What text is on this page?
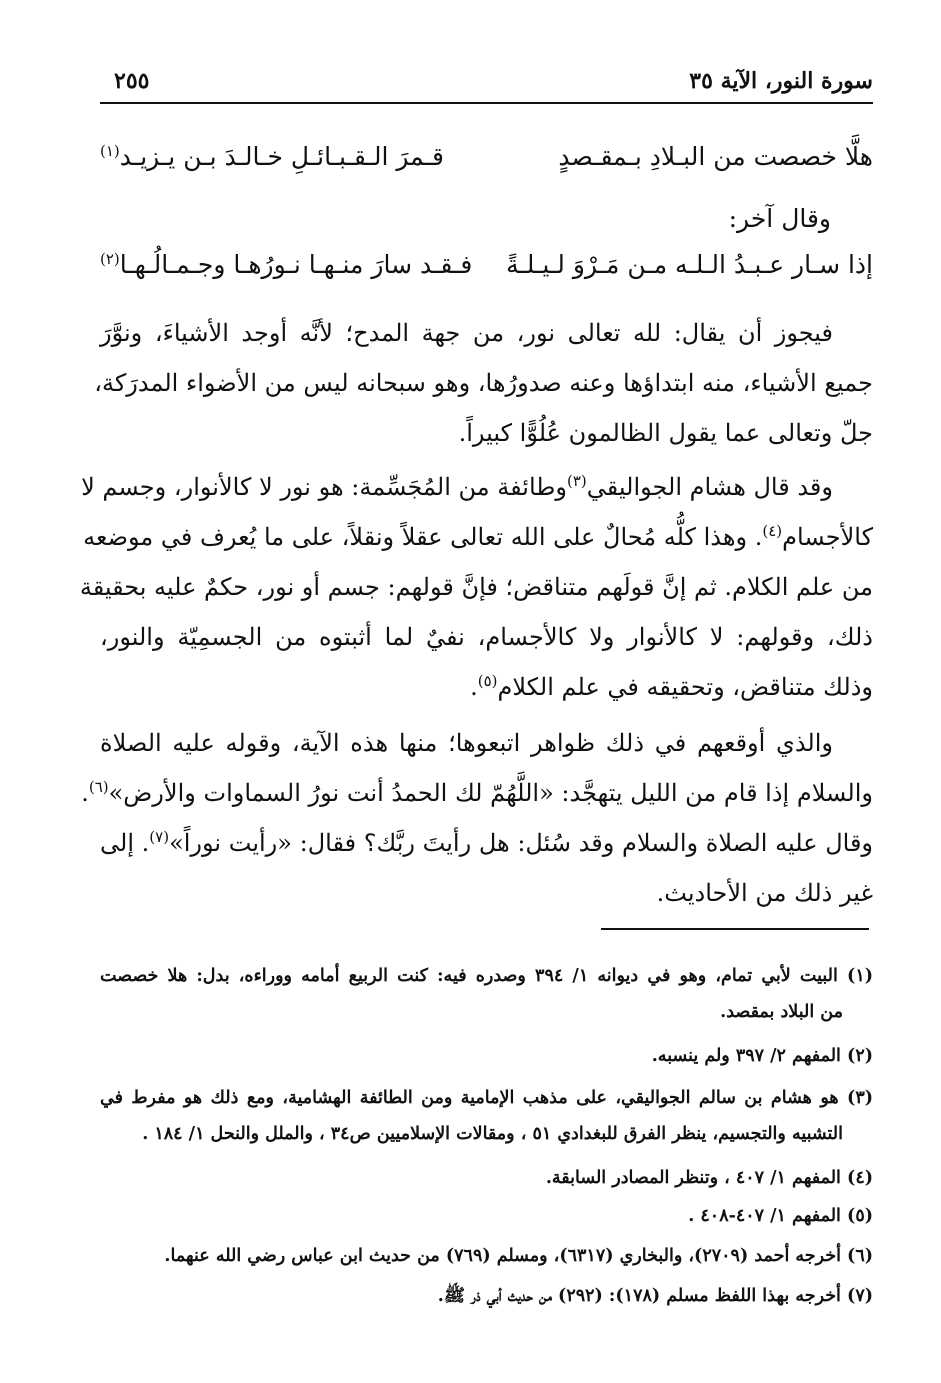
سورة النور، الآية ٣٥
٢٥٥
هلَّا خصصت من البـلادِ بـمقـصدٍ
قـمرَ الـقـبـائـلِ خـالـدَ بـن يـزيـد$^{(١)}$
وقال آخر:
إذا سـار عـبـدُ الـلـه مـن مَـرْوَ لـيـلـةً
فـقـد سارَ منـهـا نـورُهـا وجـمـالُـهـا$^{(٢)}$
فيجوز أن يقال: لله تعالى نور، من جهة المدح؛ لأنَّه أوجد الأشياءَ، ونوَّرَ
جميع الأشياء، منه ابتداؤها وعنه صدورُها، وهو سبحانه ليس من الأضواء المدرَكة،
جلّ وتعالى عما يقول الظالمون عُلُوًّا كبيراً.
وقد قال هشام الجواليقي$^{(٣)}$وطائفة من المُجَسِّمة: هو نور لا كالأنوار، وجسم لا
كالأجسام$^{(٤)}$. وهذا كلُّه مُحالٌ على الله تعالى عقلاً ونقلاً، على ما يُعرف في موضعه
من علم الكلام. ثم إنَّ قولَهم متناقض؛ فإنَّ قولهم: جسم أو نور، حكمٌ عليه بحقيقة
ذلك، وقولهم: لا كالأنوار ولا كالأجسام، نفيٌ لما أثبتوه من الجسمِيّة والنور،
وذلك متناقض، وتحقيقه في علم الكلام$^{(٥)}$.
والذي أوقعهم في ذلك ظواهر اتبعوها؛ منها هذه الآية، وقوله عليه الصلاة
والسلام إذا قام من الليل يتهجَّد: «اللَّهُمّ لك الحمدُ أنت نورُ السماوات والأرض»$^{(٦)}$.
وقال عليه الصلاة والسلام وقد سُئل: هل رأيتَ ربَّك؟ فقال: «رأيت نوراً»$^{(٧)}$. إلى
غير ذلك من الأحاديث.
(١) البيت لأبي تمام، وهو في ديوانه ١/ ٣٩٤ وصدره فيه: كنت الربيع أمامه ووراءه، بدل: هلا خصصت
من البلاد بمقصد.
(٢) المفهم ٢/ ٣٩٧ ولم ينسبه.
(٣) هو هشام بن سالم الجواليقي، على مذهب الإمامية ومن الطائفة الهشامية، ومع ذلك هو مفرط في
التشبيه والتجسيم، ينظر الفرق للبغدادي ٥١ ، ومقالات الإسلاميين ص٣٤ ، والملل والنحل ١/ ١٨٤ .
(٤) المفهم ١/ ٤٠٧ ، وتنظر المصادر السابقة.
(٥) المفهم ١/ ٤٠٧-٤٠٨ .
(٦) أخرجه أحمد (٢٧٠٩)، والبخاري (٦٣١٧)، ومسلم (٧٦٩) من حديث ابن عباس رضي الله عنهما.
(٧) أخرجه بهذا اللفظ مسلم (١٧٨): (٢٩٢) من حديث أبي ذر ﷺ.
